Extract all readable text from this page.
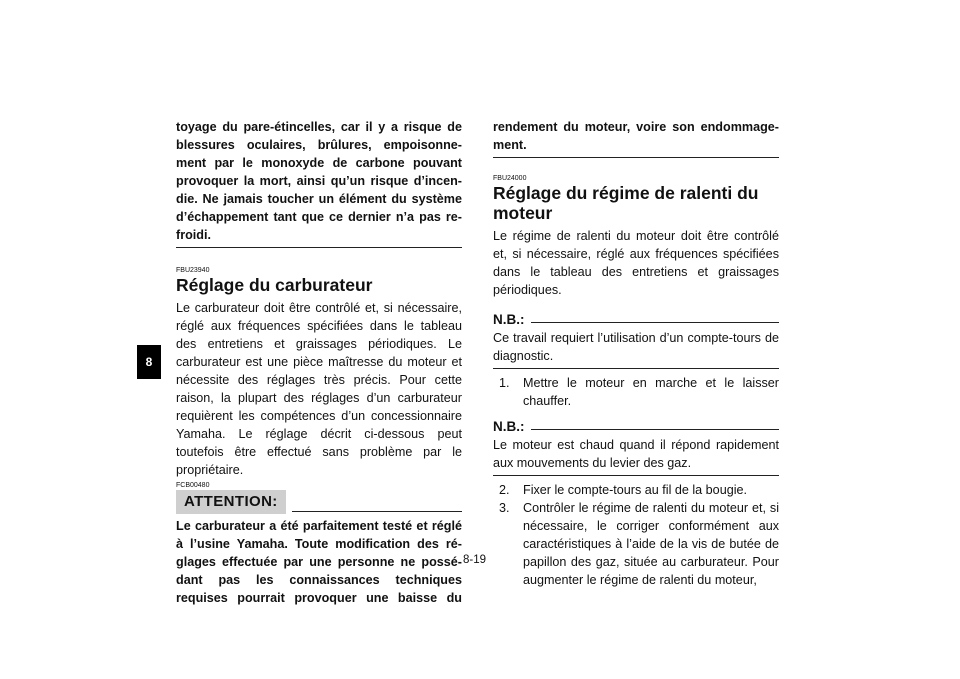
8
toyage du pare-étincelles, car il y a risque de
blessures oculaires, brûlures, empoisonne-
ment par le monoxyde de carbone pouvant
provoquer la mort, ainsi qu’un risque d’incen-
die. Ne jamais toucher un élément du système
d’échappement tant que ce dernier n’a pas re-
froidi.
FBU23940
Réglage du carburateur
Le carburateur doit être contrôlé et, si nécessaire, réglé aux fréquences spécifiées dans le tableau des entretiens et graissages périodiques. Le carburateur est une pièce maîtresse du moteur et nécessite des réglages très précis. Pour cette raison, la plupart des réglages d’un carburateur requièrent les compétences d’un concessionnaire Yamaha. Le réglage décrit ci-dessous peut toutefois être effectué sans problème par le propriétaire.
FCB00480
ATTENTION:
Le carburateur a été parfaitement testé et réglé
à l’usine Yamaha. Toute modification des ré-
glages effectuée par une personne ne possé-
dant pas les connaissances techniques
requises pourrait provoquer une baisse du
rendement du moteur, voire son endommage-
ment.
FBU24000
Réglage du régime de ralenti du moteur
Le régime de ralenti du moteur doit être contrôlé et, si nécessaire, réglé aux fréquences spécifiées dans le tableau des entretiens et graissages périodiques.
N.B.:
Ce travail requiert l’utilisation d’un compte-tours de diagnostic.
1.	Mettre le moteur en marche et le laisser chauffer.
N.B.:
Le moteur est chaud quand il répond rapidement aux mouvements du levier des gaz.
2.	Fixer le compte-tours au fil de la bougie.
3.	Contrôler le régime de ralenti du moteur et, si nécessaire, le corriger conformément aux caractéristiques à l’aide de la vis de butée de papillon des gaz, située au carburateur. Pour augmenter le régime de ralenti du moteur,
8-19
